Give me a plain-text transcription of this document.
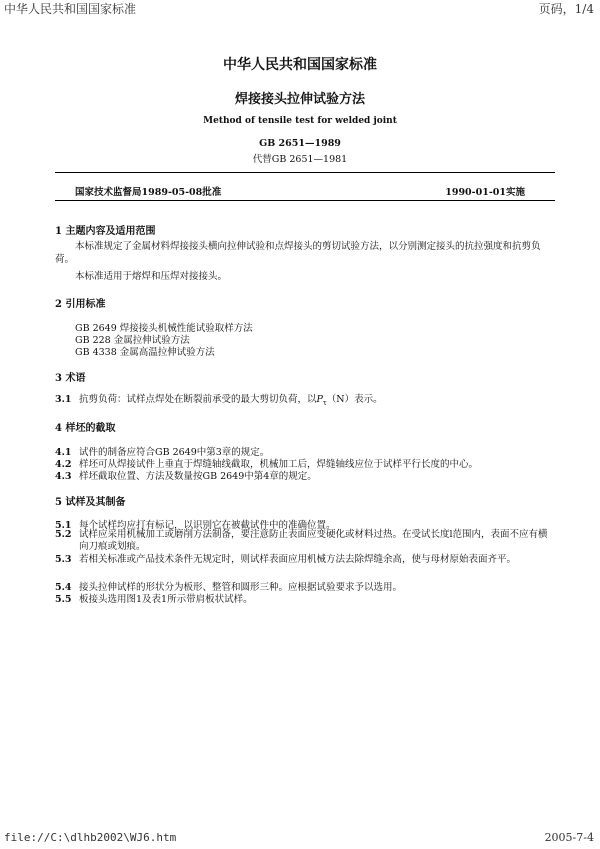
中华人民共和国国家标准	页码，1/4
中华人民共和国国家标准
焊接接头拉伸试验方法
Method of tensile test for welded joint
GB 2651—1989
代替GB 2651—1981
国家技术监督局1989-05-08批准	1990-01-01实施
1 主题内容及适用范围
本标准规定了金属材料焊接接头横向拉伸试验和点焊接头的剪切试验方法，以分别测定接头的抗拉强度和抗剪负荷。
本标准适用于熔焊和压焊对接接头。
2 引用标准
GB 2649 焊接接头机械性能试验取样方法
GB 228 金属拉伸试验方法
GB 4338 金属高温拉伸试验方法
3 术语
3.1 抗剪负荷：试样点焊处在断裂前承受的最大剪切负荷，以$P_\tau(N)$表示。
4 样坯的截取
4.1 试件的制备应符合GB 2649中第3章的规定。
4.2 样坯可从焊接试件上垂直于焊缝轴线截取，机械加工后，焊缝轴线应位于试样平行长度的中心。
4.3 样坯截取位置、方法及数量按GB 2649中第4章的规定。
5 试样及其制备
5.1 每个试样均应打有标记，以识别它在被截试件中的准确位置。
5.2 试样应采用机械加工或磨削方法制备，要注意防止表面应变硬化或材料过热。在受试长度l范围内，表面不应有横向刀痕或划痕。
5.3 若相关标准或产品技术条件无规定时，则试样表面应用机械方法去除焊缝余高，使与母材原始表面齐平。
5.4 接头拉伸试样的形状分为板形、整管和圆形三种。应根据试验要求予以选用。
5.5 板接头选用图1及表1所示带肩板状试样。
file://C:\dlhb2002\WJ6.htm	2005-7-4
